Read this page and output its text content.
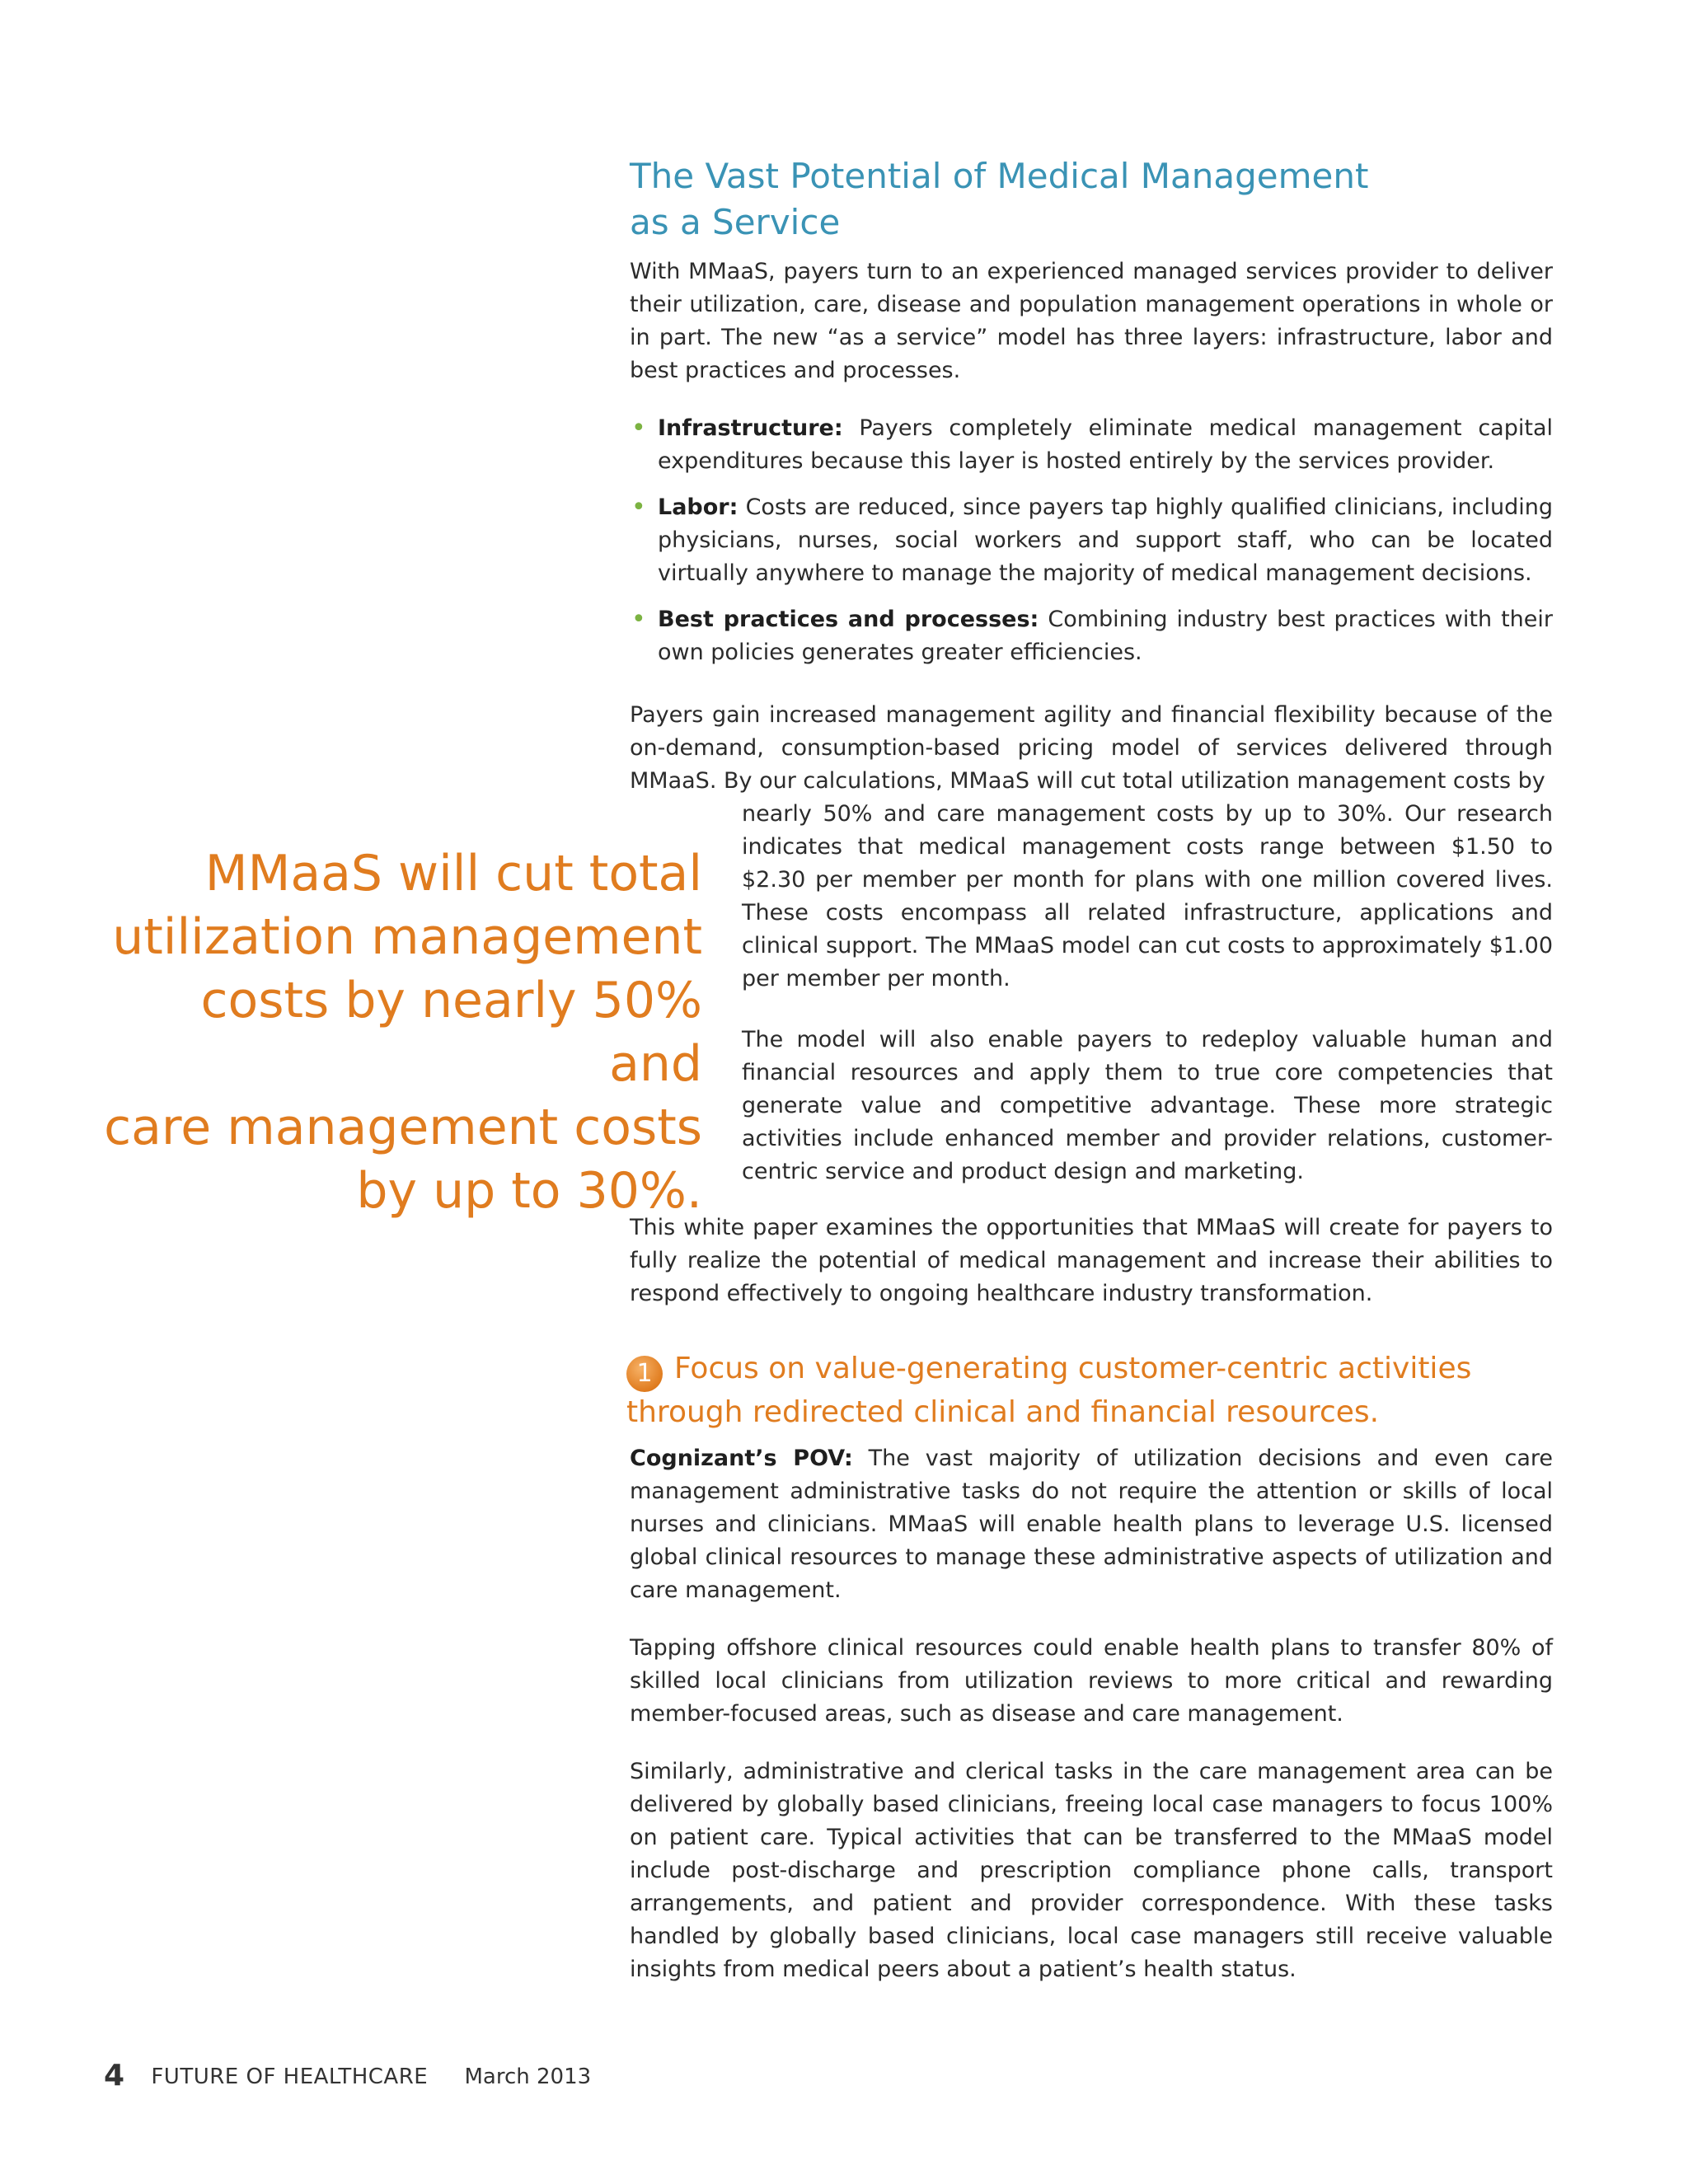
The Vast Potential of Medical Management
as a Service

With MMaaS, payers turn to an experienced managed services provider to deliver their utilization, care, disease and population management operations in whole or in part. The new “as a service” model has three layers: infrastructure, labor and best practices and processes.

• Infrastructure: Payers completely eliminate medical management capital expenditures because this layer is hosted entirely by the services provider.
• Labor: Costs are reduced, since payers tap highly qualified clinicians, including physicians, nurses, social workers and support staff, who can be located virtually anywhere to manage the majority of medical management decisions.
• Best practices and processes: Combining industry best practices with their own policies generates greater efficiencies.
Payers gain increased management agility and financial flexibility because of the on-demand, consumption-based pricing model of services delivered through MMaaS. By our calculations, MMaaS will cut total utilization management costs by
nearly 50% and care management costs by up to 30%. Our research indicates that medical management costs range between $1.50 to $2.30 per member per month for plans with one million covered lives. These costs encompass all related infrastructure, applications and clinical support. The MMaaS model can cut costs to approximately $1.00 per member per month.

The model will also enable payers to redeploy valuable human and financial resources and apply them to true core competencies that generate value and competitive advantage. These more strategic activities include enhanced member and provider relations, customer-centric service and product design and marketing.

MMaaS will cut total
utilization management
costs by nearly 50% and
care management costs
by up to 30%.

This white paper examines the opportunities that MMaaS will create for payers to fully realize the potential of medical management and increase their abilities to respond effectively to ongoing healthcare industry transformation.

1 Focus on value-generating customer-centric activities
through redirected clinical and financial resources.

Cognizant’s POV: The vast majority of utilization decisions and even care management administrative tasks do not require the attention or skills of local nurses and clinicians. MMaaS will enable health plans to leverage U.S. licensed global clinical resources to manage these administrative aspects of utilization and care management.

Tapping offshore clinical resources could enable health plans to transfer 80% of skilled local clinicians from utilization reviews to more critical and rewarding member-focused areas, such as disease and care management.

Similarly, administrative and clerical tasks in the care management area can be delivered by globally based clinicians, freeing local case managers to focus 100% on patient care. Typical activities that can be transferred to the MMaaS model include post-discharge and prescription compliance phone calls, transport arrangements, and patient and provider correspondence. With these tasks handled by globally based clinicians, local case managers still receive valuable insights from medical peers about a patient’s health status.

4 FUTURE OF HEALTHCARE March 2013
